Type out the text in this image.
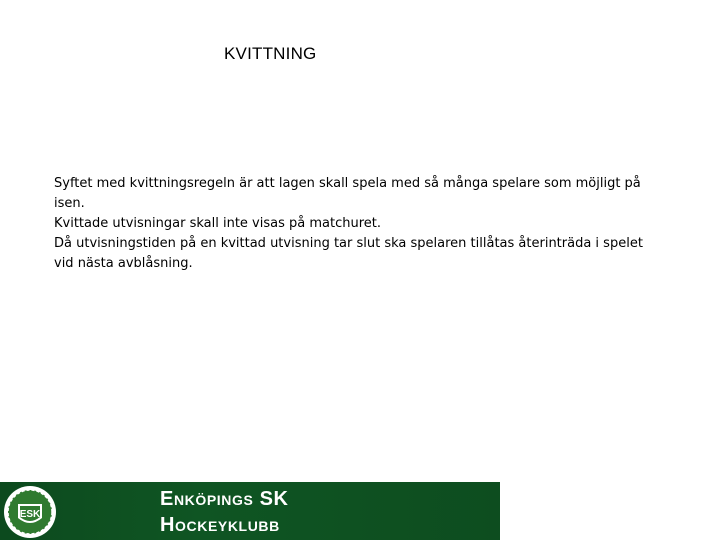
KVITTNING

Syftet med kvittningsregeln är att lagen skall spela med så många spelare som möjligt på isen.

Kvittade utvisningar skall inte visas på matchuret.

Då utvisningstiden på en kvittad utvisning tar slut ska spelaren tillåtas återinträda i spelet vid nästa avblåsning.

ESK
Enköpings SK
Hockeyklubb
